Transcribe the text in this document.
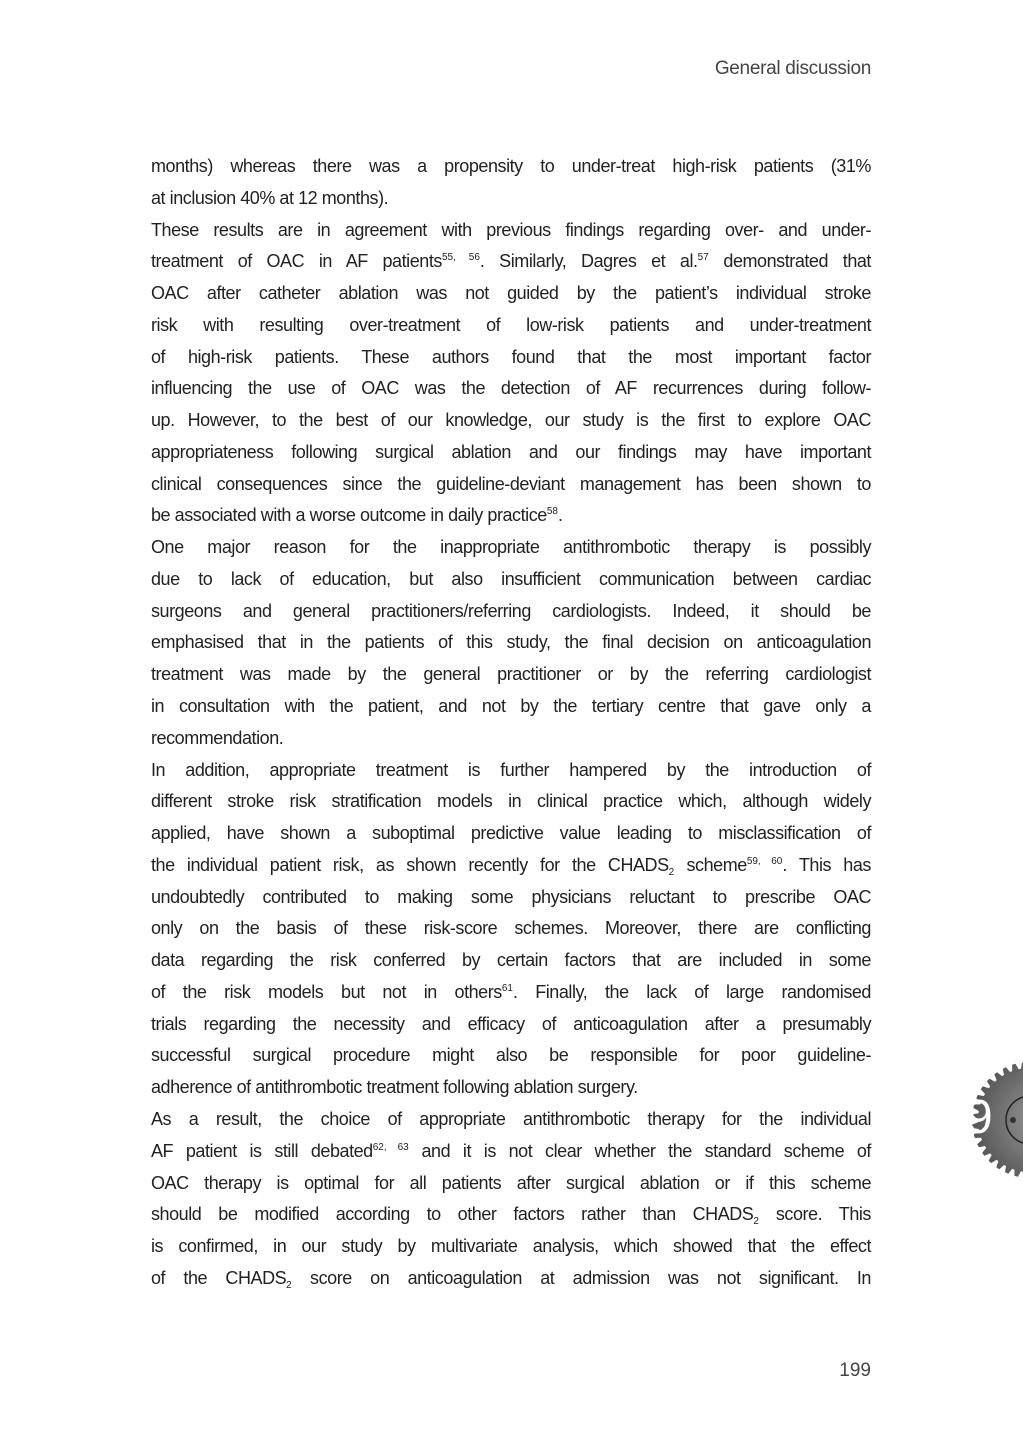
General discussion
months) whereas there was a propensity to under-treat high-risk patients (31%
at inclusion 40% at 12 months).
These results are in agreement with previous findings regarding over- and under-
treatment of OAC in AF patients$^{55, 56}$. Similarly, Dagres et al.$^{57}$ demonstrated that
OAC after catheter ablation was not guided by the patient’s individual stroke
risk with resulting over-treatment of low-risk patients and under-treatment
of high-risk patients. These authors found that the most important factor
influencing the use of OAC was the detection of AF recurrences during follow-
up. However, to the best of our knowledge, our study is the first to explore OAC
appropriateness following surgical ablation and our findings may have important
clinical consequences since the guideline-deviant management has been shown to
be associated with a worse outcome in daily practice$^{58}$.
One major reason for the inappropriate antithrombotic therapy is possibly
due to lack of education, but also insufficient communication between cardiac
surgeons and general practitioners/referring cardiologists. Indeed, it should be
emphasised that in the patients of this study, the final decision on anticoagulation
treatment was made by the general practitioner or by the referring cardiologist
in consultation with the patient, and not by the tertiary centre that gave only a
recommendation.
In addition, appropriate treatment is further hampered by the introduction of
different stroke risk stratification models in clinical practice which, although widely
applied, have shown a suboptimal predictive value leading to misclassification of
the individual patient risk, as shown recently for the $CHADS_2$ scheme$^{59, 60}$. This has
undoubtedly contributed to making some physicians reluctant to prescribe OAC
only on the basis of these risk-score schemes. Moreover, there are conflicting
data regarding the risk conferred by certain factors that are included in some
of the risk models but not in others$^{61}$. Finally, the lack of large randomised
trials regarding the necessity and efficacy of anticoagulation after a presumably
successful surgical procedure might also be responsible for poor guideline-
adherence of antithrombotic treatment following ablation surgery.
As a result, the choice of appropriate antithrombotic therapy for the individual
AF patient is still debated$^{62, 63}$ and it is not clear whether the standard scheme of
OAC therapy is optimal for all patients after surgical ablation or if this scheme
should be modified according to other factors rather than $CHADS_2$ score. This
is confirmed, in our study by multivariate analysis, which showed that the effect
of the $CHADS_2$ score on anticoagulation at admission was not significant. In
9
199
